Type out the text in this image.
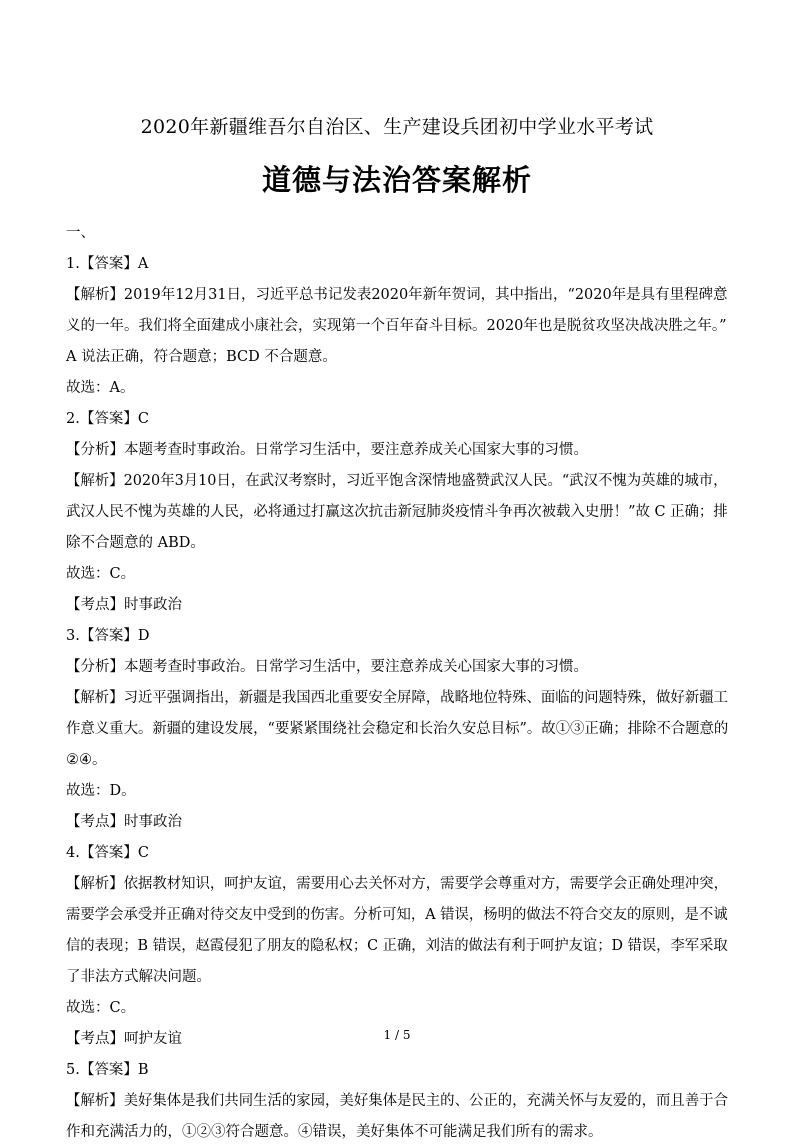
2020年新疆维吾尔自治区、生产建设兵团初中学业水平考试
道德与法治答案解析
一、
1.【答案】A
【解析】2019年12月31日，习近平总书记发表2020年新年贺词，其中指出，“2020年是具有里程碑意
义的一年。我们将全面建成小康社会，实现第一个百年奋斗目标。2020年也是脱贫攻坚决战决胜之年。”
A 说法正确，符合题意；BCD 不合题意。
故选：A。
2.【答案】C
【分析】本题考查时事政治。日常学习生活中，要注意养成关心国家大事的习惯。
【解析】2020年3月10日，在武汉考察时，习近平饱含深情地盛赞武汉人民。“武汉不愧为英雄的城市，
武汉人民不愧为英雄的人民，必将通过打赢这次抗击新冠肺炎疫情斗争再次被载入史册！”故 C 正确；排
除不合题意的 ABD。
故选：C。
【考点】时事政治
3.【答案】D
【分析】本题考查时事政治。日常学习生活中，要注意养成关心国家大事的习惯。
【解析】习近平强调指出，新疆是我国西北重要安全屏障，战略地位特殊、面临的问题特殊，做好新疆工
作意义重大。新疆的建设发展，“要紧紧围绕社会稳定和长治久安总目标”。故①③正确；排除不合题意的
②④。
故选：D。
【考点】时事政治
4.【答案】C
【解析】依据教材知识，呵护友谊，需要用心去关怀对方，需要学会尊重对方，需要学会正确处理冲突，
需要学会承受并正确对待交友中受到的伤害。分析可知，A 错误，杨明的做法不符合交友的原则，是不诚
信的表现；B 错误，赵霞侵犯了朋友的隐私权；C 正确，刘洁的做法有利于呵护友谊；D 错误，李军采取
了非法方式解决问题。
故选：C。
【考点】呵护友谊
5.【答案】B
【解析】美好集体是我们共同生活的家园，美好集体是民主的、公正的，充满关怀与友爱的，而且善于合
作和充满活力的，①②③符合题意。④错误，美好集体不可能满足我们所有的需求。
1 / 5
